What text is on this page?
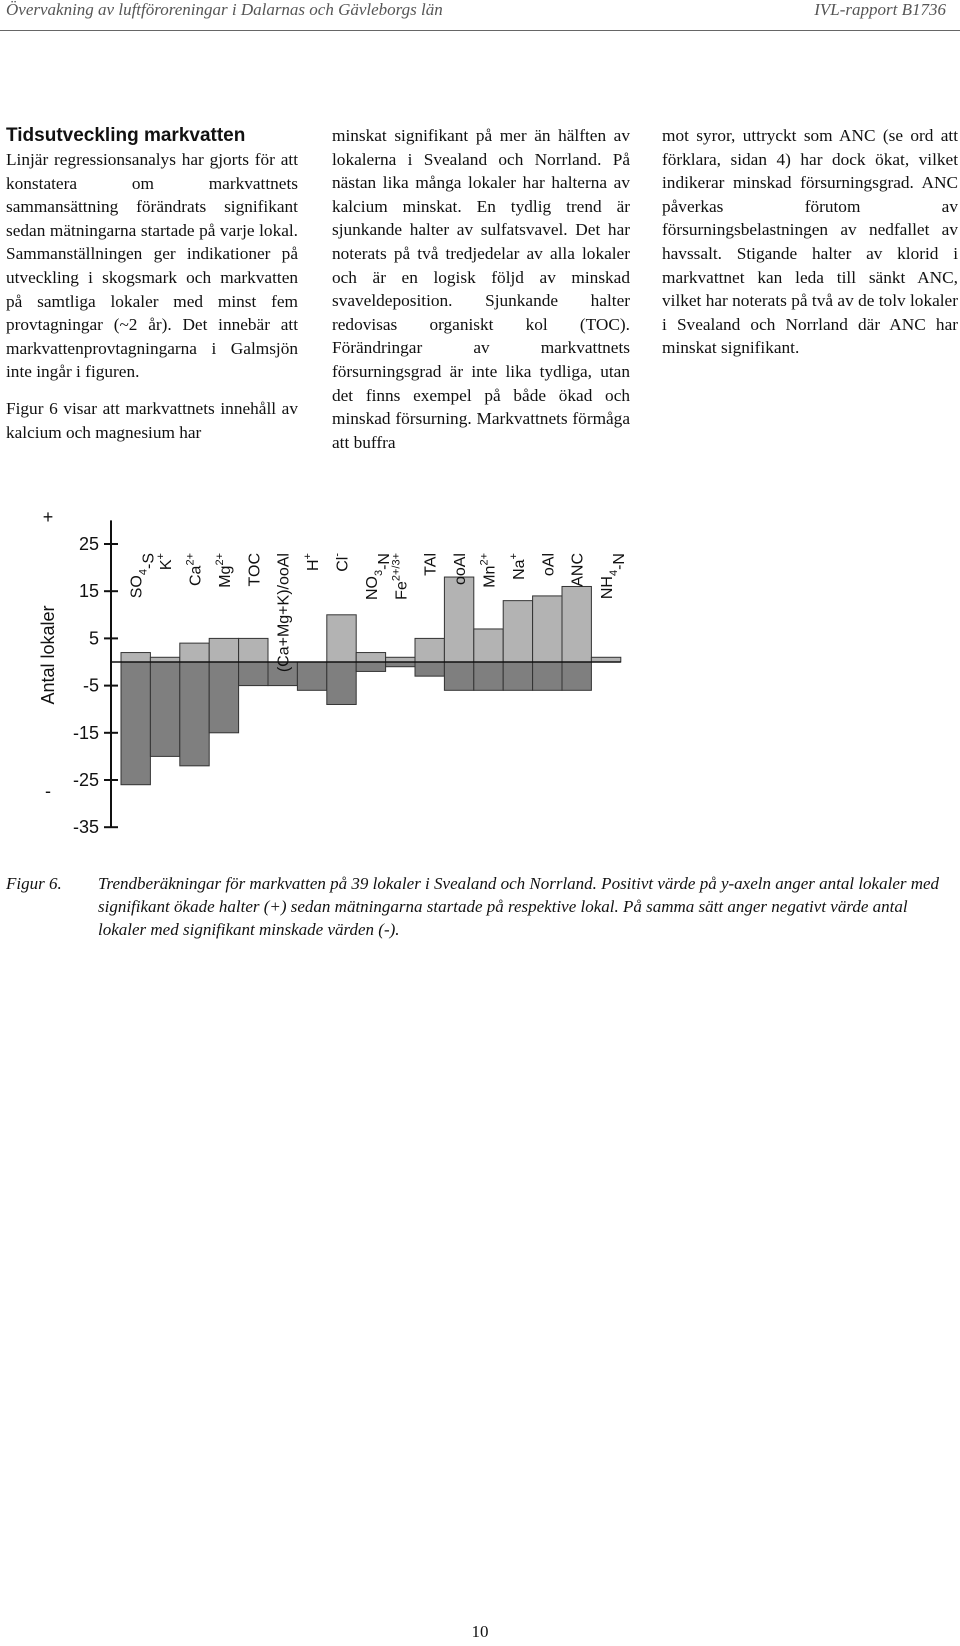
Övervakning av luftföroreningar i Dalarnas och Gävleborgs län	IVL-rapport B1736
Tidsutveckling markvatten

Linjär regressionsanalys har gjorts för att konstatera om markvattnets sammansättning förändrats signifikant sedan mätningarna startade på varje lokal. Sammanställningen ger indikationer på utveckling i skogsmark och markvatten på samtliga lokaler med minst fem provtagningar (~2 år). Det innebär att markvattenprovtagningarna i Galmsjön inte ingår i figuren.

Figur 6 visar att markvattnets innehåll av kalcium och magnesium har

minskat signifikant på mer än hälften av lokalerna i Svealand och Norrland. På nästan lika många lokaler har halterna av kalcium minskat. En tydlig trend är sjunkande halter av sulfatsvavel. Det har noterats på två tredjedelar av alla lokaler och är en logisk följd av minskad svaveldeposition. Sjunkande halter redovisas organiskt kol (TOC). Förändringar av markvattnets försurningsgrad är inte lika tydliga, utan det finns exempel på både ökad och minskad försurning. Markvattnets förmåga att buffra

mot syror, uttryckt som ANC (se ord att förklara, sidan 4) har dock ökat, vilket indikerar minskad försurningsgrad. ANC påverkas förutom av försurningsbelastningen av nedfallet av havssalt. Stigande halter av klorid i markvattnet kan leda till sänkt ANC, vilket har noterats på två av de tolv lokaler i Svealand och Norrland där ANC har minskat signifikant.

25
15
5
-5
-15
-25
-35
+
-
Antal lokaler
$SO_4-S$ K+
$Ca^{2+}$
$Mg^{2+}$	TOC (Ca+Mg+K)/ooAl H+
Cl-
$NO_3-N$
$Fe^{2+/3+}$	TAl ooAl $Mn^{2+}$
Na+	oAl ANC
$NH_4-N$
Figur 6. Trendberäkningar för markvatten på 39 lokaler i Svealand och Norrland. Positivt värde på y-axeln anger antal lokaler med signifikant ökade halter (+) sedan mätningarna startade på respektive lokal. På samma sätt anger negativt värde antal lokaler med signifikant minskade värden (-).
10
